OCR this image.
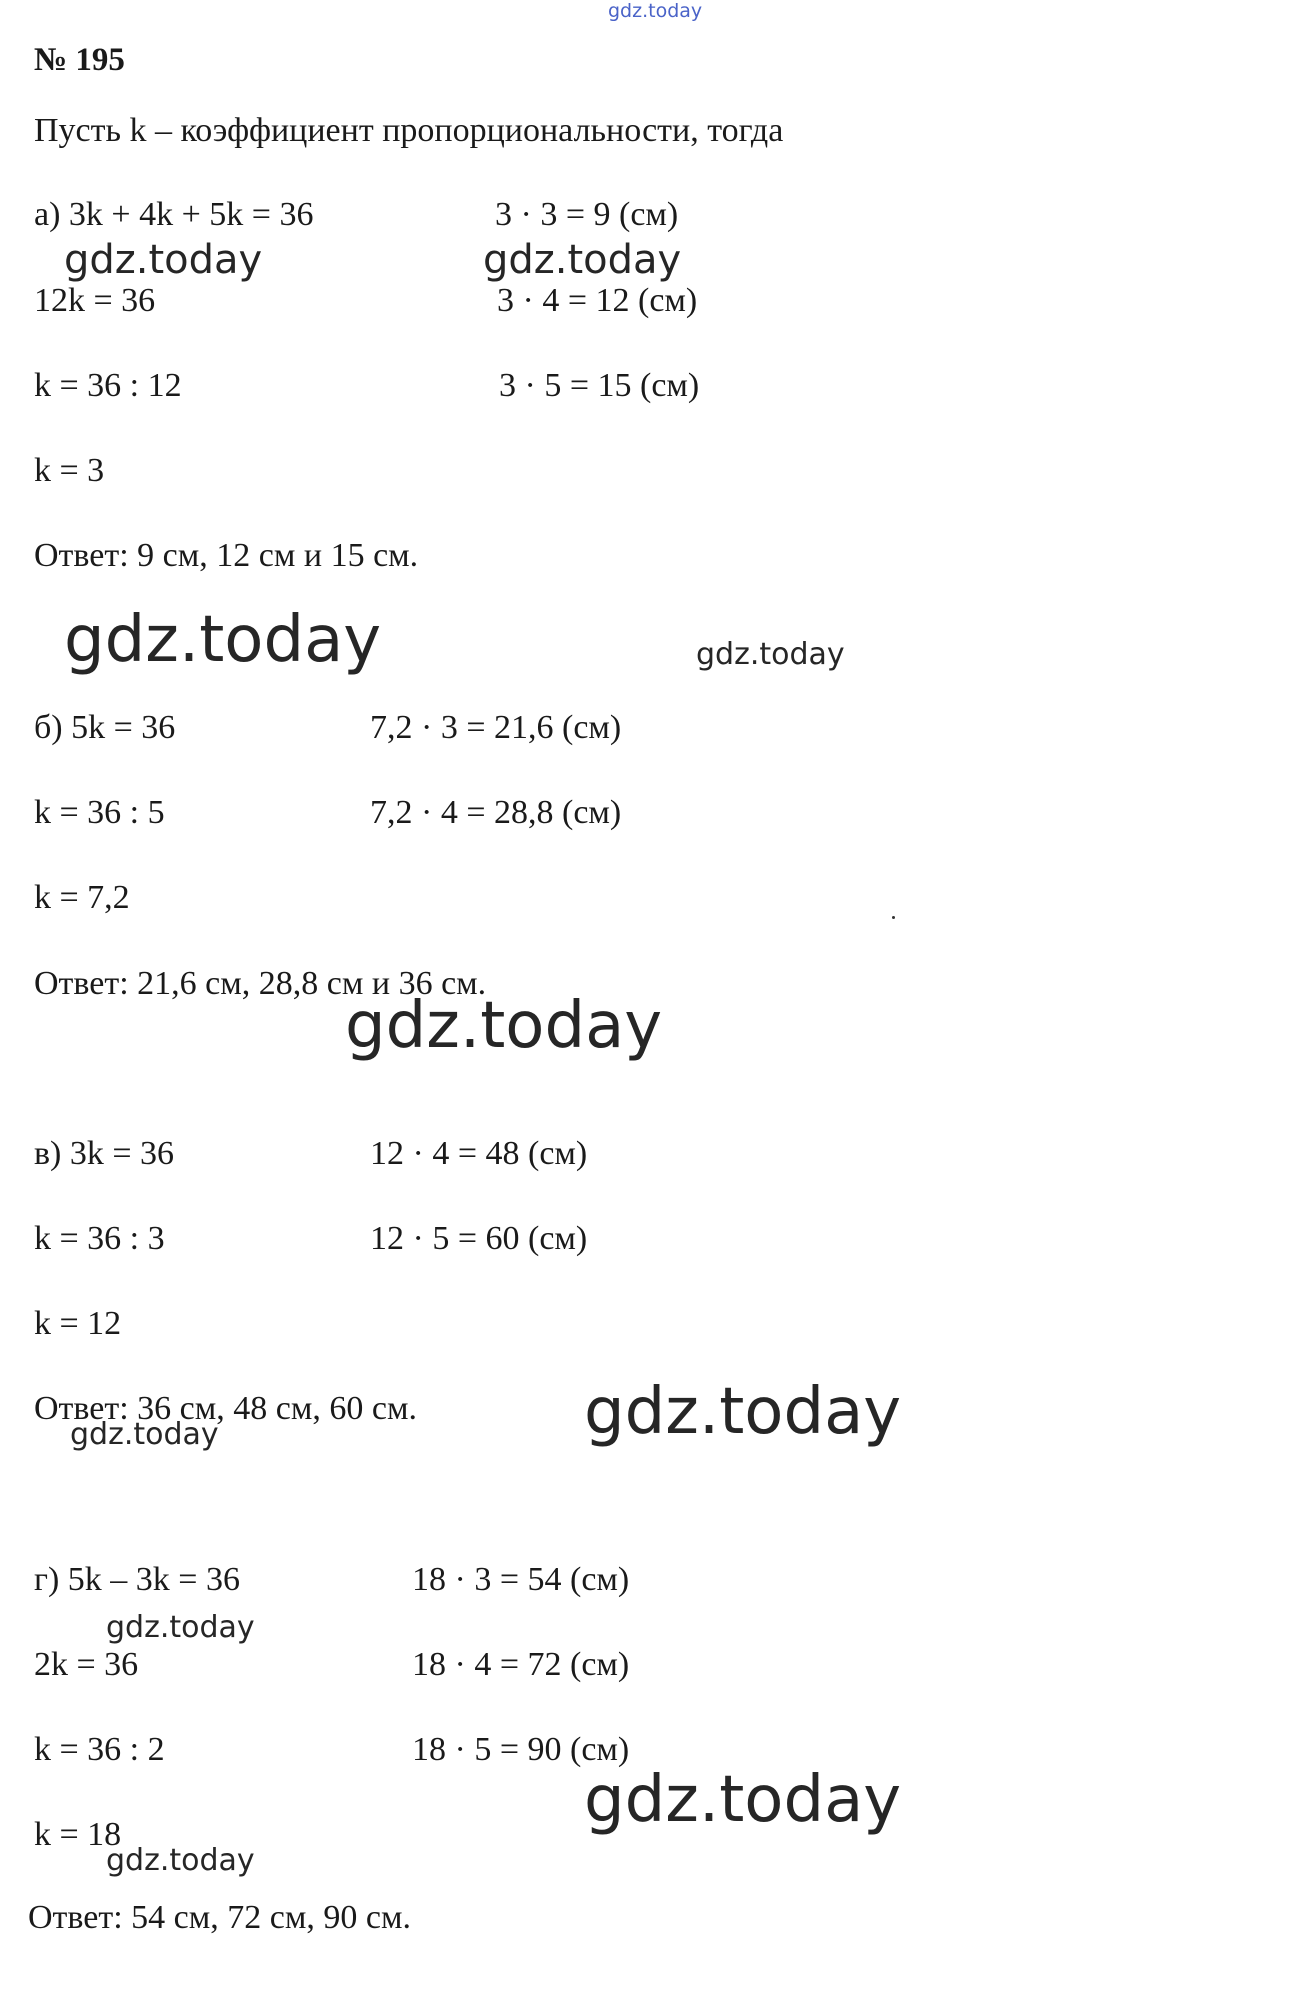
gdz.today
№ 195
Пусть k – коэффициент пропорциональности, тогда
а) 3k + 4k + 5k = 36
12k = 36
k = 36 : 12
k = 3
3 · 3 = 9 (см)
3 · 4 = 12 (см)
3 · 5 = 15 (см)
Ответ: 9 см, 12 см и 15 см.
б) 5k = 36
k = 36 : 5
k = 7,2
7,2 · 3 = 21,6 (см)
7,2 · 4 = 28,8 (см)
Ответ: 21,6 см, 28,8 см и 36 см.
в) 3k = 36
k = 36 : 3
k = 12
12 · 4 = 48 (см)
12 · 5 = 60 (см)
Ответ: 36 см, 48 см, 60 см.
г) 5k – 3k = 36
2k = 36
k = 36 : 2
k = 18
18 · 3 = 54 (см)
18 · 4 = 72 (см)
18 · 5 = 90 (см)
Ответ: 54 см, 72 см, 90 см.
gdz.today	gdz.today
gdz.today	gdz.today
gdz.today
gdz.today
gdz.today
gdz.today
gdz.today
gdz.today
